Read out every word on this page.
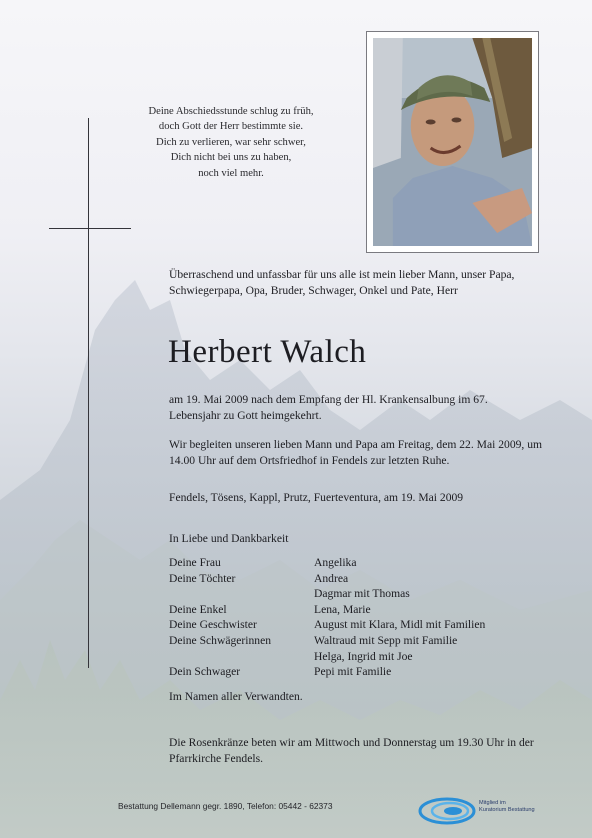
Deine Abschiedsstunde schlug zu früh,
doch Gott der Herr bestimmte sie.
Dich zu verlieren, war sehr schwer,
Dich nicht bei uns zu haben,
noch viel mehr.
Überraschend und unfassbar für uns alle ist mein lieber Mann, unser Papa, Schwiegerpapa, Opa, Bruder, Schwager, Onkel und Pate, Herr
Herbert Walch
am 19. Mai 2009 nach dem Empfang der Hl. Krankensalbung im 67. Lebensjahr zu Gott heimgekehrt.
Wir begleiten unseren lieben Mann und Papa am Freitag, dem 22. Mai 2009, um 14.00 Uhr auf dem Ortsfriedhof in Fendels zur letzten Ruhe.
Fendels, Tösens, Kappl, Prutz, Fuerteventura, am 19. Mai 2009
In Liebe und Dankbarkeit
Deine Frau	Angelika
Deine Töchter	Andrea
Dagmar mit Thomas
Deine Enkel	Lena, Marie
Deine Geschwister	August mit Klara, Midl mit Familien
Deine Schwägerinnen	Waltraud mit Sepp mit Familie
Helga, Ingrid mit Joe
Dein Schwager	Pepi mit Familie
Im Namen aller Verwandten.
Die Rosenkränze beten wir am Mittwoch und Donnerstag um 19.30 Uhr in der Pfarrkirche Fendels.
Bestattung Dellemann gegr. 1890, Telefon: 05442 - 62373	Mitglied im
Kuratorium Bestattung
